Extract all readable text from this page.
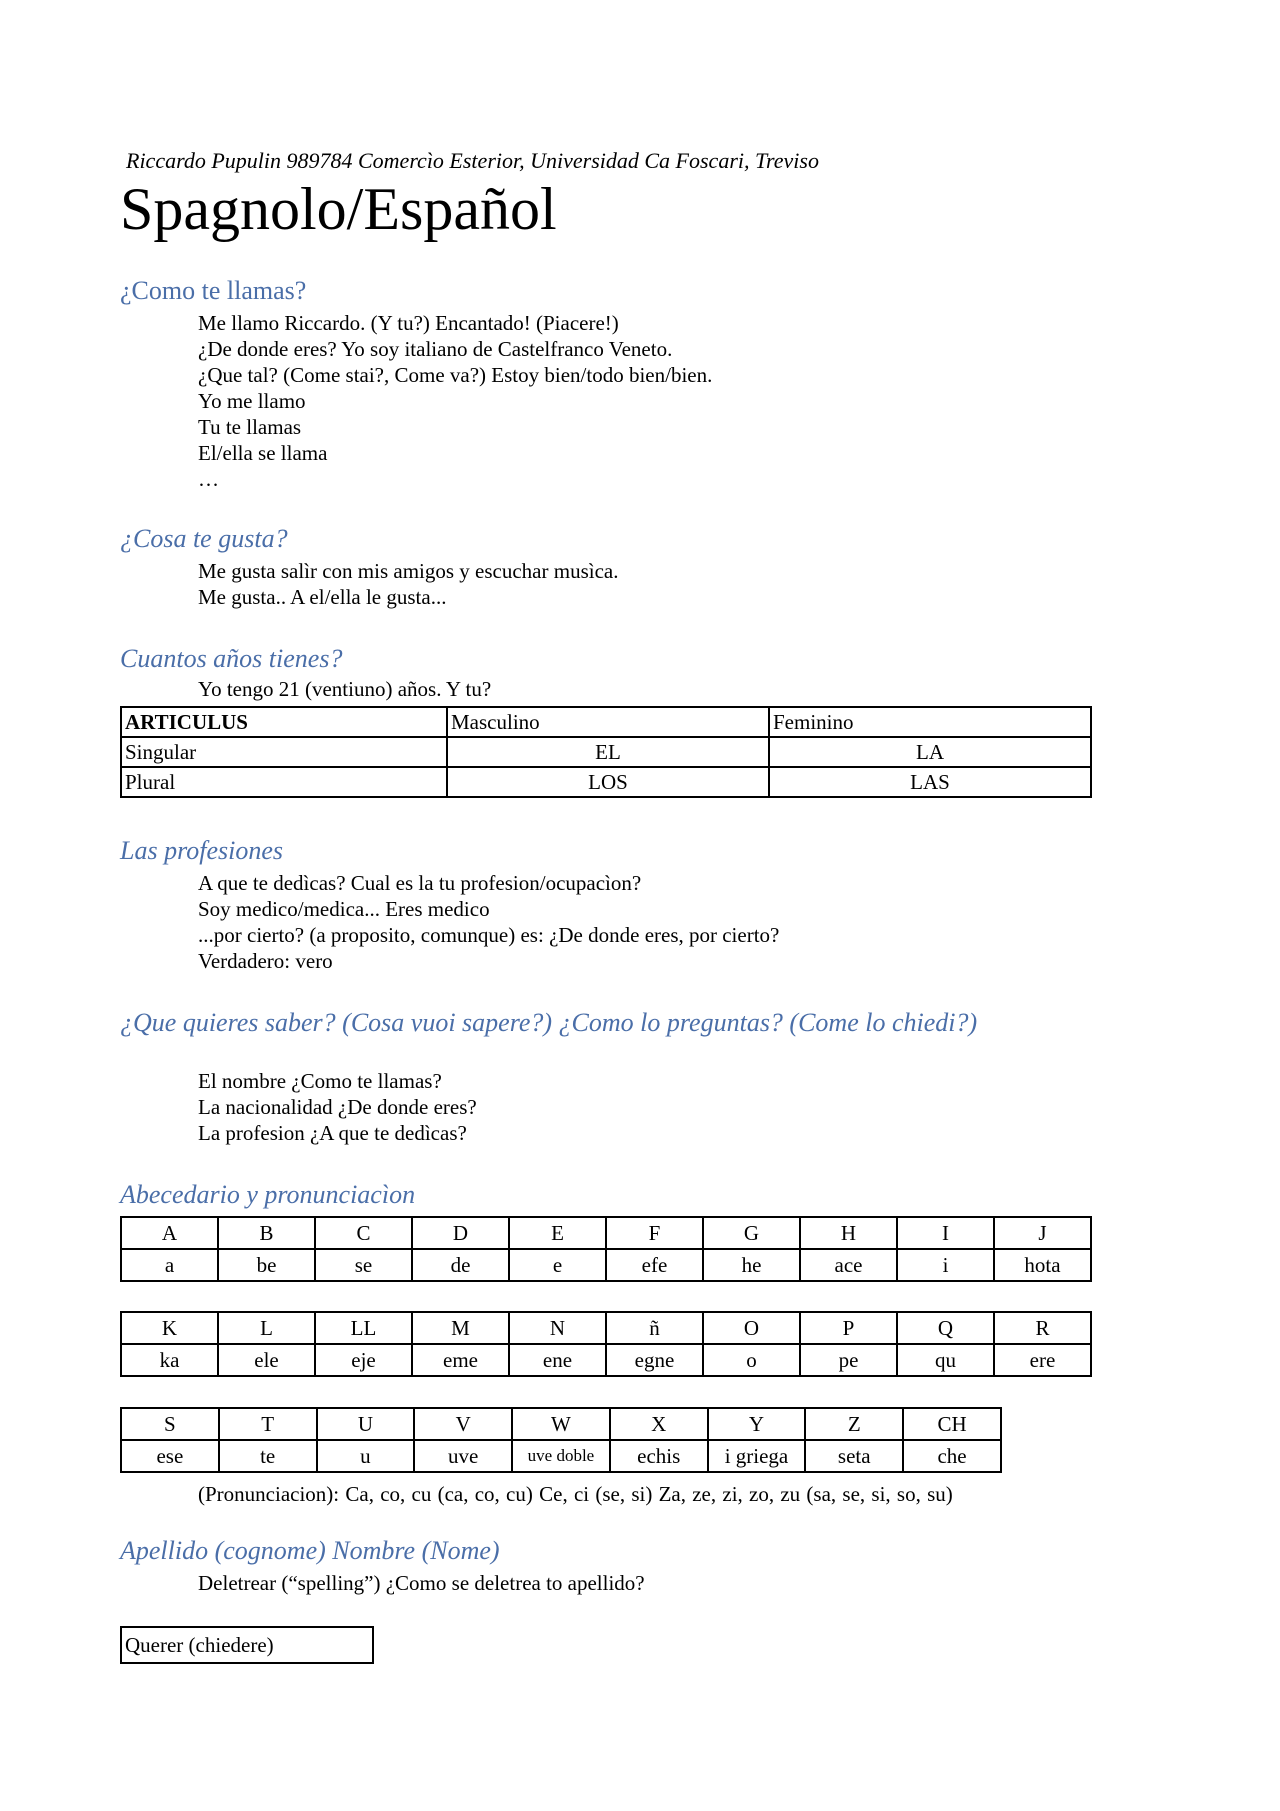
Riccardo Pupulin 989784 Comercìo Esterior, Universidad Ca Foscari, Treviso
Spagnolo/Español
¿Como te llamas?
Me llamo Riccardo. (Y tu?) Encantado! (Piacere!)
¿De donde eres? Yo soy italiano de Castelfranco Veneto.
¿Que tal? (Come stai?, Come va?) Estoy bien/todo bien/bien.
Yo me llamo
Tu te llamas
El/ella se llama
…
¿Cosa te gusta?
Me gusta salìr con mis amigos y escuchar musìca.
Me gusta.. A el/ella le gusta...
Cuantos años tienes?
Yo tengo 21 (ventiuno) años. Y tu?
ARTICULUS	Masculino	Feminino
Singular	EL	LA
Plural	LOS	LAS
Las profesiones
A que te dedìcas? Cual es la tu profesion/ocupacìon?
Soy medico/medica... Eres medico
...por cierto? (a proposito, comunque) es: ¿De donde eres, por cierto?
Verdadero: vero
¿Que quieres saber? (Cosa vuoi sapere?) ¿Como lo preguntas? (Come lo chiedi?)
El nombre ¿Como te llamas?
La nacionalidad ¿De donde eres?
La profesion ¿A que te dedìcas?
Abecedario y pronunciacìon
A	B	C	D	E	F	G	H	I	J
a	be	se	de	e	efe	he	ace	i	hota
K	L	LL	M	N	ñ	O	P	Q	R
ka	ele	eje	eme	ene	egne	o	pe	qu	ere
S	T	U	V	W	X	Y	Z	CH
ese	te	u	uve	uve doble	echis	i griega	seta	che
(Pronunciacion): Ca, co, cu (ca, co, cu) Ce, ci (se, si) Za, ze, zi, zo, zu (sa, se, si, so, su)
Apellido (cognome) Nombre (Nome)
Deletrear (“spelling”) ¿Como se deletrea to apellido?
Querer (chiedere)
